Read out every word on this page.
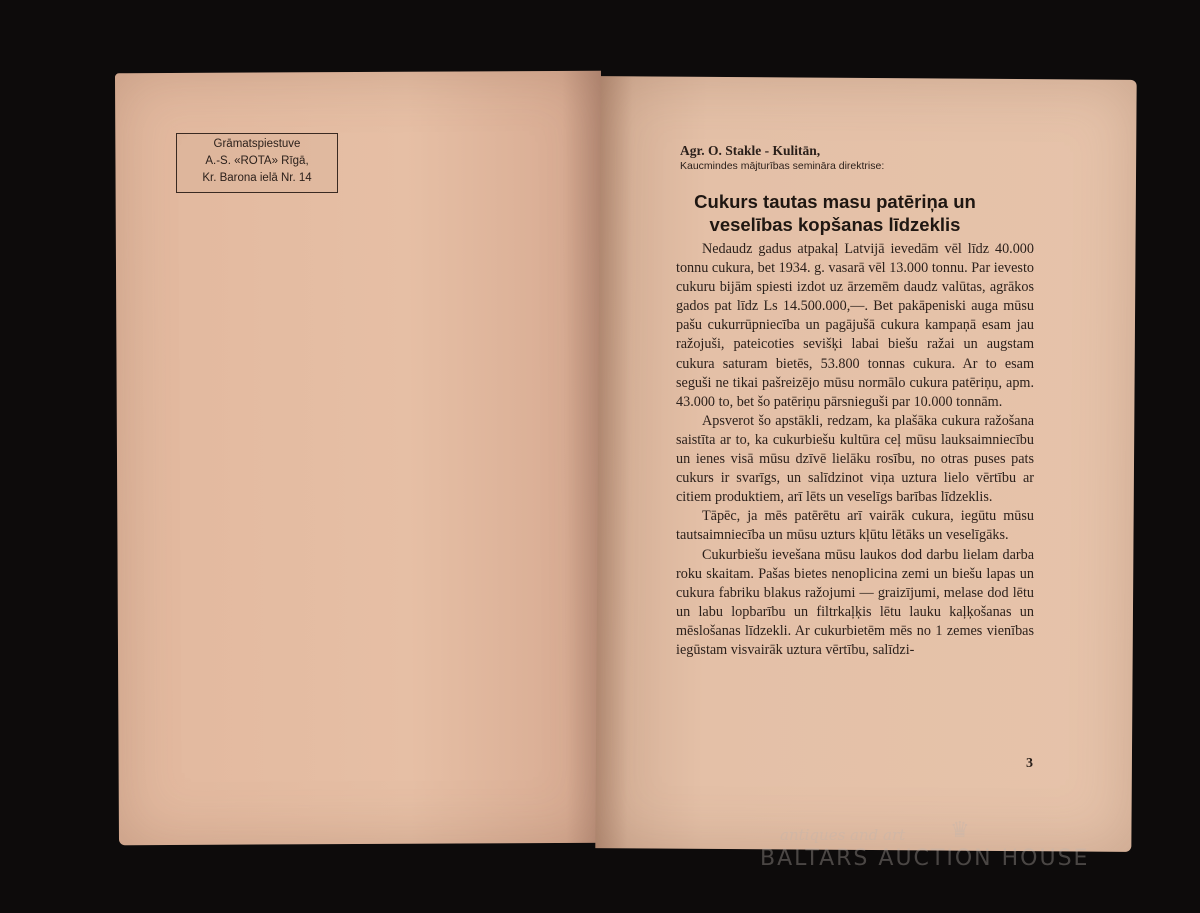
Grāmatspiestuve
A.-S. «ROTA» Rīgā,
Kr. Barona ielā Nr. 14
Agr. O. Stakle - Kulitān,
Kaucmindes mājturības semināra direktrise:
Cukurs tautas masu patēriņa un
veselības kopšanas līdzeklis

Nedaudz gadus atpakaļ Latvijā ievedām vēl līdz 40.000 tonnu cukura, bet 1934. g. vasarā vēl 13.000 tonnu. Par ievesto cukuru bijām spiesti izdot uz ārzemēm daudz valūtas, agrākos gados pat līdz Ls 14.500.000,—. Bet pakāpeniski auga mūsu pašu cukurrūpniecība un pagājušā cukura kampaņā esam jau ražojuši, pateicoties sevišķi labai biešu ražai un augstam cukura saturam bietēs, 53.800 tonnas cukura. Ar to esam seguši ne tikai pašreizējo mūsu normālo cukura patēriņu, apm. 43.000 to, bet šo patēriņu pārsnieguši par 10.000 tonnām.

Apsverot šo apstākli, redzam, ka plašāka cukura ražošana saistīta ar to, ka cukurbiešu kultūra ceļ mūsu lauksaimniecību un ienes visā mūsu dzīvē lielāku rosību, no otras puses pats cukurs ir svarīgs, un salīdzinot viņa uztura lielo vērtību ar citiem produktiem, arī lēts un veselīgs barības līdzeklis.

Tāpēc, ja mēs patērētu arī vairāk cukura, iegūtu mūsu tautsaimniecība un mūsu uzturs kļūtu lētāks un veselīgāks.

Cukurbiešu ievešana mūsu laukos dod darbu lielam darba roku skaitam. Pašas bietes nenoplicina zemi un biešu lapas un cukura fabriku blakus ražojumi — graizījumi, melase dod lētu un labu lopbarību un filtrkaļķis lētu lauku kaļķošanas un mēslošanas līdzekli. Ar cukurbietēm mēs no 1 zemes vienības iegūstam visvairāk uztura vērtību, salīdzi-

3
antiques and art ♛
BALTARS AUCTION HOUSE
